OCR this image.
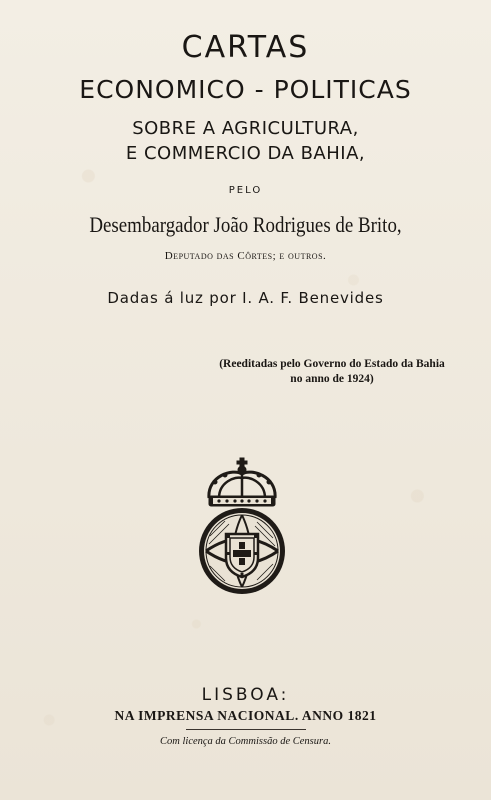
CARTAS
ECONOMICO - POLITICAS
SOBRE A AGRICULTURA,
E COMMERCIO DA BAHIA,
PELO
Desembargador João Rodrigues de Brito,
Deputado das Côrtes; e outros.
Dadas á luz por I. A. F. Benevides
(Reeditadas pelo Governo do Estado da Bahia
no anno de 1924)
LISBOA:
NA IMPRENSA NACIONAL. ANNO 1821
Com licença da Commissão de Censura.
